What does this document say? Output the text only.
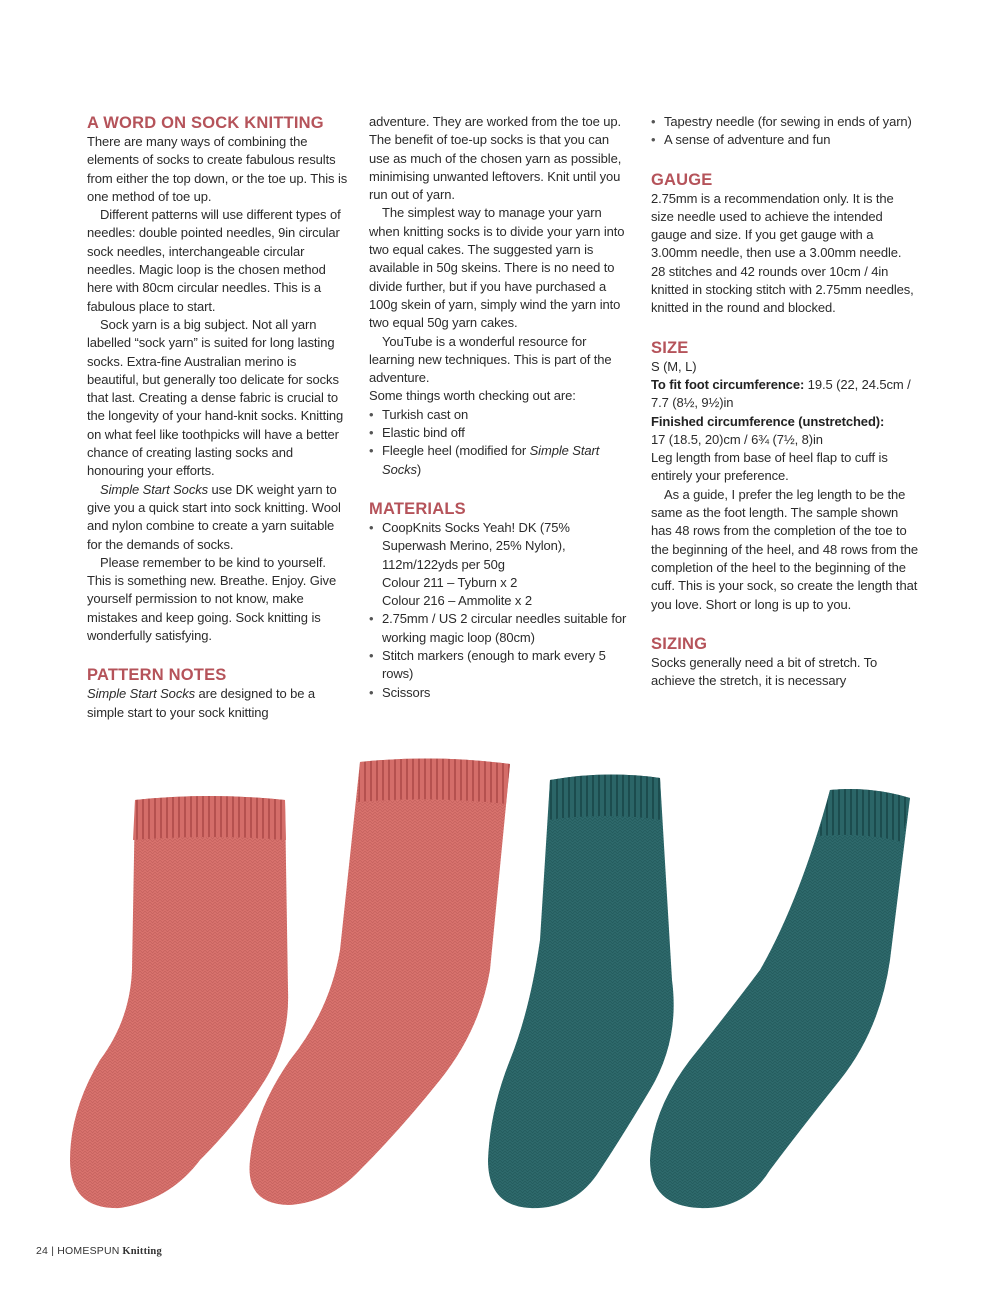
A WORD ON SOCK KNITTING

There are many ways of combining the elements of socks to create fabulous results from either the top down, or the toe up. This is one method of toe up.

Different patterns will use different types of needles: double pointed needles, 9in circular sock needles, interchangeable circular needles. Magic loop is the chosen method here with 80cm circular needles. This is a fabulous place to start.

Sock yarn is a big subject. Not all yarn labelled “sock yarn” is suited for long lasting socks. Extra-fine Australian merino is beautiful, but generally too delicate for socks that last. Creating a dense fabric is crucial to the longevity of your hand-knit socks. Knitting on what feel like toothpicks will have a better chance of creating lasting socks and honouring your efforts.

Simple Start Socks use DK weight yarn to give you a quick start into sock knitting. Wool and nylon combine to create a yarn suitable for the demands of socks.

Please remember to be kind to yourself. This is something new. Breathe. Enjoy. Give yourself permission to not know, make mistakes and keep going. Sock knitting is wonderfully satisfying.

PATTERN NOTES

Simple Start Socks are designed to be a simple start to your sock knitting

adventure. They are worked from the toe up. The benefit of toe-up socks is that you can use as much of the chosen yarn as possible, minimising unwanted leftovers. Knit until you run out of yarn.

The simplest way to manage your yarn when knitting socks is to divide your yarn into two equal cakes. The suggested yarn is available in 50g skeins. There is no need to divide further, but if you have purchased a 100g skein of yarn, simply wind the yarn into two equal 50g yarn cakes.

YouTube is a wonderful resource for learning new techniques. This is part of the adventure.

Some things worth checking out are:

• Turkish cast on
• Elastic bind off
• Fleegle heel (modified for Simple Start Socks)
MATERIALS
• CoopKnits Socks Yeah! DK (75% Superwash Merino, 25% Nylon), 112m/122yds per 50g
Colour 211 – Tyburn x 2
Colour 216 – Ammolite x 2
• 2.75mm / US 2 circular needles suitable for working magic loop (80cm)
• Stitch markers (enough to mark every 5 rows)
• Scissors
• Tapestry needle (for sewing in ends of yarn)
• A sense of adventure and fun
GAUGE

2.75mm is a recommendation only. It is the size needle used to achieve the intended gauge and size. If you get gauge with a 3.00mm needle, then use a 3.00mm needle. 28 stitches and 42 rounds over 10cm / 4in knitted in stocking stitch with 2.75mm needles, knitted in the round and blocked.

SIZE

S (M, L)

To fit foot circumference: 19.5 (22, 24.5cm / 7.7 (8½, 9½)in

Finished circumference (unstretched):

17 (18.5, 20)cm / 6¾ (7½, 8)in

Leg length from base of heel flap to cuff is entirely your preference.

As a guide, I prefer the leg length to be the same as the foot length. The sample shown has 48 rows from the completion of the toe to the beginning of the heel, and 48 rows from the completion of the heel to the beginning of the cuff. This is your sock, so create the length that you love. Short or long is up to you.

SIZING

Socks generally need a bit of stretch. To achieve the stretch, it is necessary

24 | HOMESPUN Knitting
